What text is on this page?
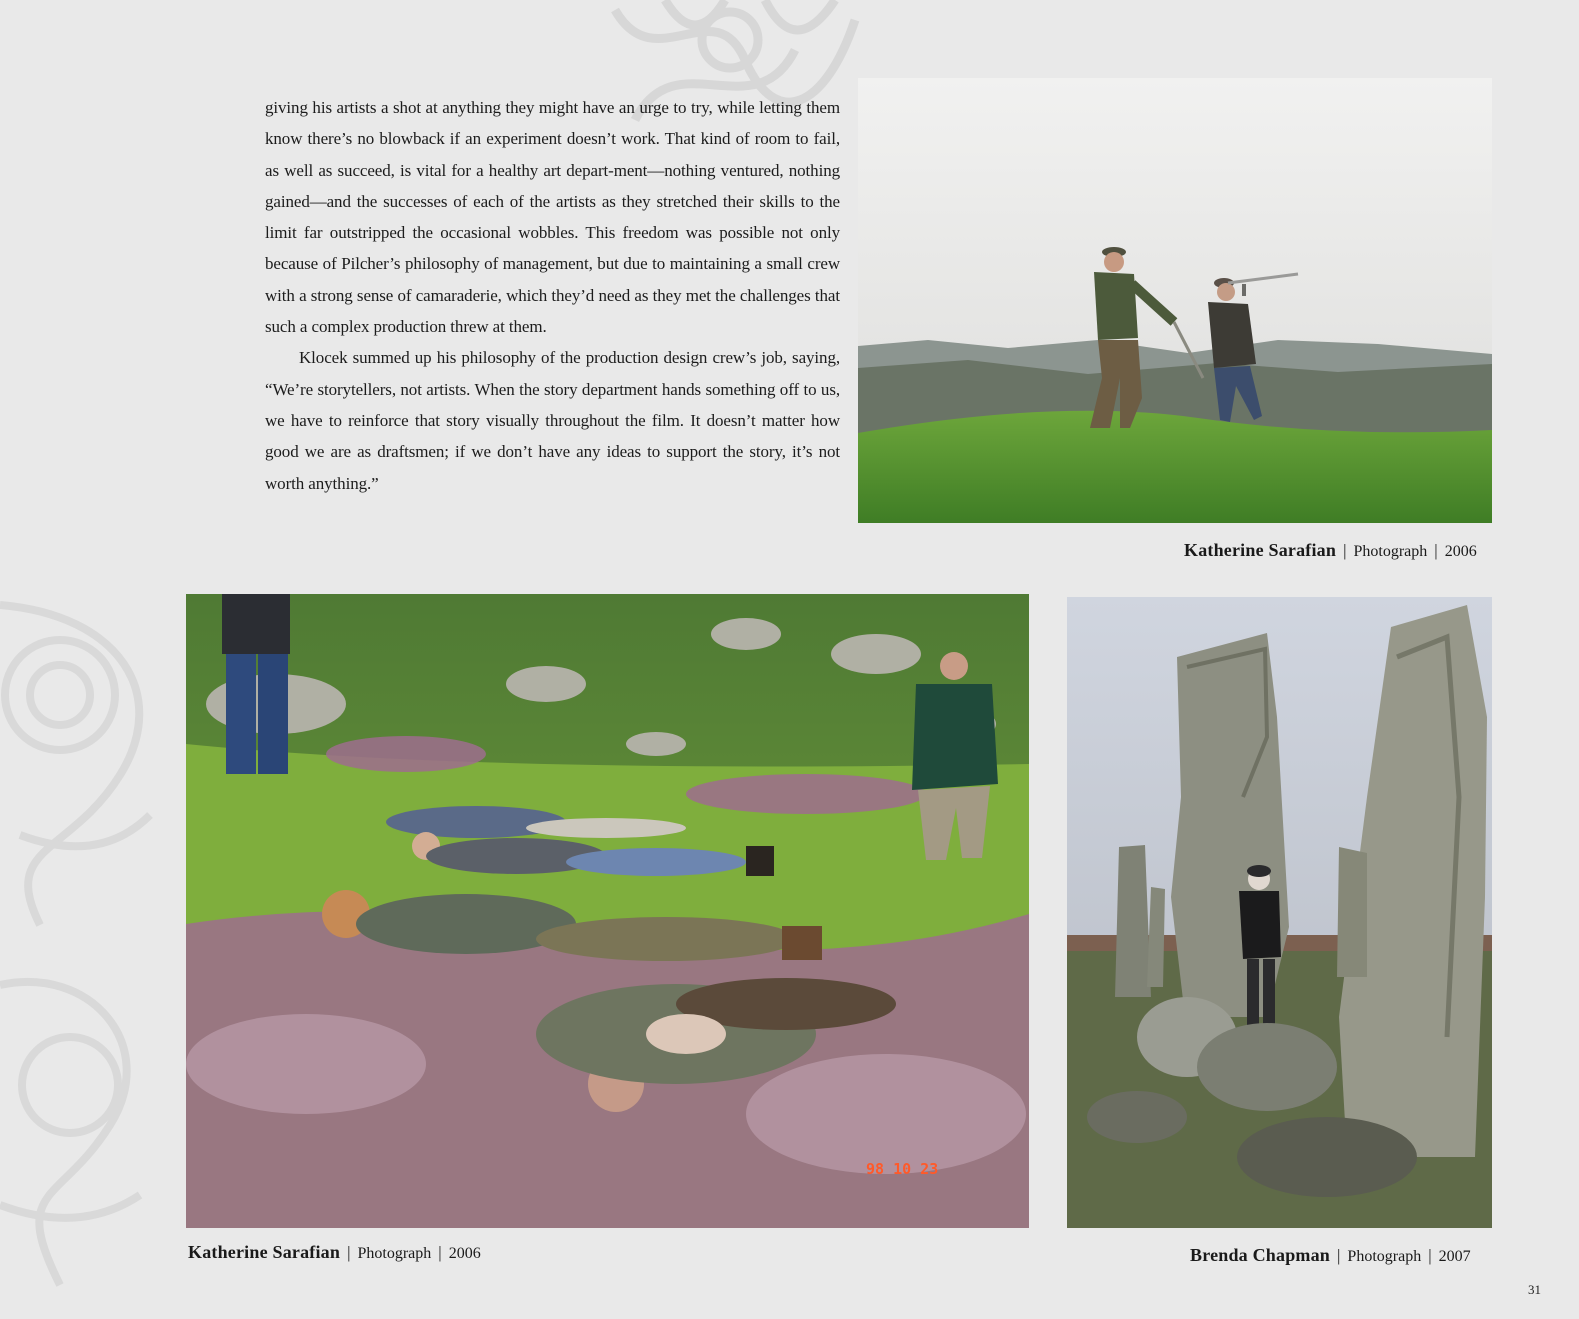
giving his artists a shot at anything they might have an urge to try, while letting them know there’s no blowback if an experiment doesn’t work. That kind of room to fail, as well as succeed, is vital for a healthy art depart-ment—nothing ventured, nothing gained—and the successes of each of the artists as they stretched their skills to the limit far outstripped the occasional wobbles. This freedom was possible not only because of Pilcher’s philosophy of management, but due to maintaining a small crew with a strong sense of camaraderie, which they’d need as they met the challenges that such a complex production threw at them.

Klocek summed up his philosophy of the production design crew’s job, saying, “We’re storytellers, not artists. When the story department hands something off to us, we have to reinforce that story visually throughout the film. It doesn’t matter how good we are as draftsmen; if we don’t have any ideas to support the story, it’s not worth anything.”

98 10 23
Katherine Sarafian | Photograph | 2006
Katherine Sarafian | Photograph | 2006	Brenda Chapman | Photograph | 2007
31
